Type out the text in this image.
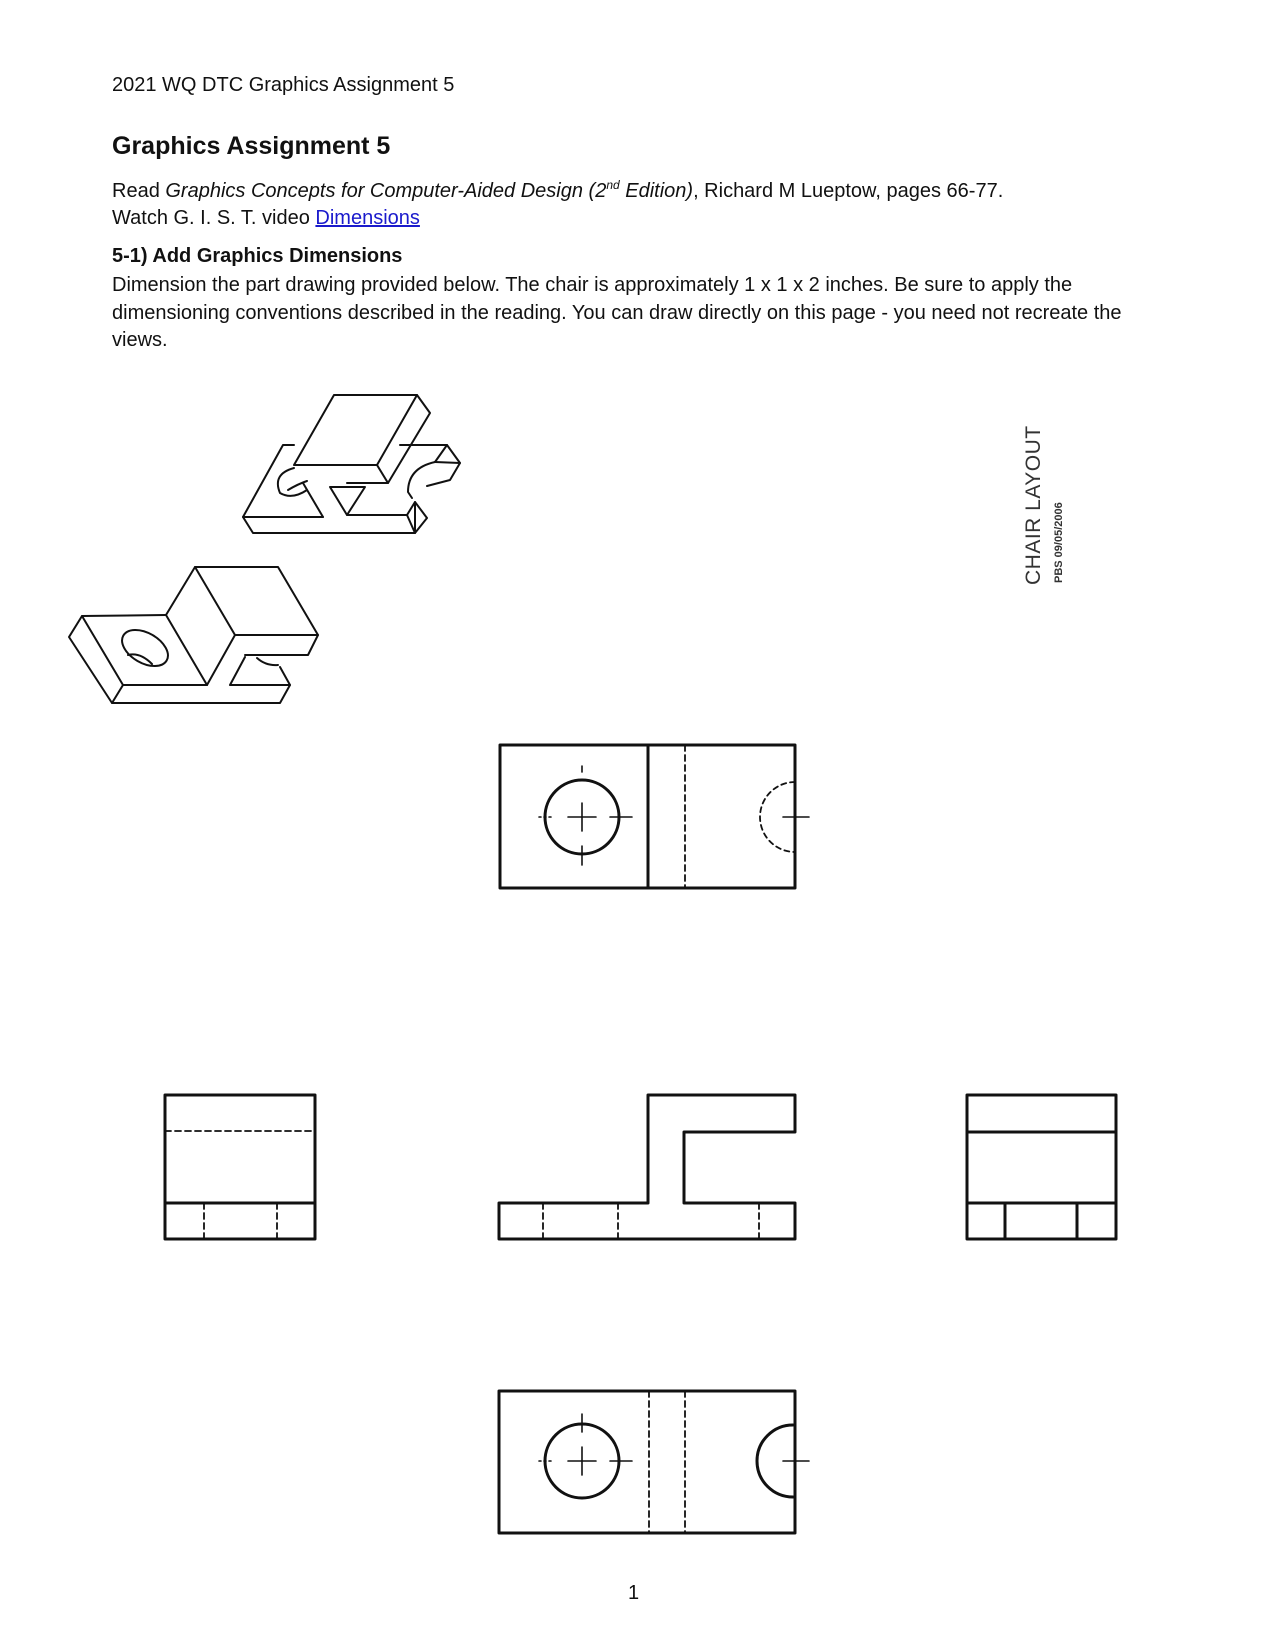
2021 WQ DTC Graphics Assignment 5
Graphics Assignment 5
Read Graphics Concepts for Computer-Aided Design (2nd Edition), Richard M Lueptow, pages 66-77.
Watch G. I. S. T. video Dimensions
5-1) Add Graphics Dimensions
Dimension the part drawing provided below. The chair is approximately 1 x 1 x 2 inches. Be sure to apply the dimensioning conventions described in the reading. You can draw directly on this page - you need not recreate the views.
CHAIR LAYOUT PBS 09/05/2006
1
